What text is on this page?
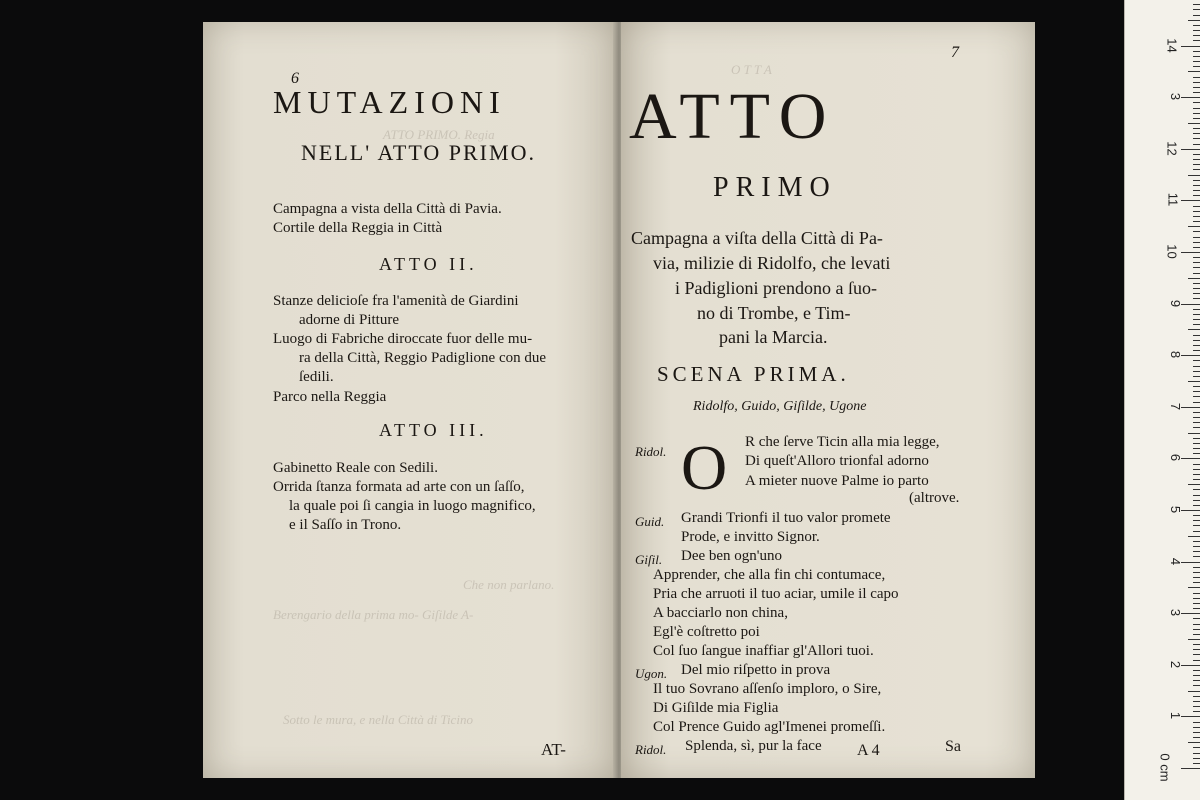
ATTO PRIMO. Regia
Che non parlano.
Berengario della prima mo- Giſilde A-
Sotto le mura, e nella Città di Ticino
6
MUTAZIONI
NELL' ATTO PRIMO.
Campagna a vista della Città di Pavia.
Cortile della Reggia in Città
ATTO II.
Stanze delicioſe fra l'amenità de Giardini
adorne di Pitture
Luogo di Fabriche diroccate fuor delle mu-
ra della Città, Reggio Padiglione con due
ſedili.
Parco nella Reggia
ATTO III.
Gabinetto Reale con Sedili.
Orrida ſtanza formata ad arte con un ſaſſo,
la quale poi ſi cangia in luogo magnifico,
e il Saſſo in Trono.
AT-
O T T A
7
ATTO
PRIMO
Campagna a viſta della Città di Pa-
via, milizie di Ridolfo, che levati
i Padiglioni prendono a ſuo-
no di Trombe, e Tim-
pani la Marcia.
SCENA PRIMA.
Ridolfo, Guido, Giſilde, Ugone
Ridol. O R che ſerve Ticin alla mia legge,
Di queſt'Alloro trionfal adorno
A mieter nuove Palme io parto
(altrove.
Guid. Grandi Trionfi il tuo valor promete
Prode, e invitto Signor.
Giſil. Dee ben ogn'uno
Apprender, che alla fin chi contumace,
Pria che arruoti il tuo aciar, umile il capo
A bacciarlo non china,
Egl'è coſtretto poi
Col ſuo ſangue inaffiar gl'Allori tuoi.
Ugon. Del mio riſpetto in prova
Il tuo Sovrano aſſenſo imploro, o Sire,
Di Giſilde mia Figlia
Col Prence Guido agl'Imenei promeſſi.
Ridol. Splenda, sì, pur la face A 4	Sa
14
3
12
11
10
9
8
7
6
5
4
3
2
1
0 cm
